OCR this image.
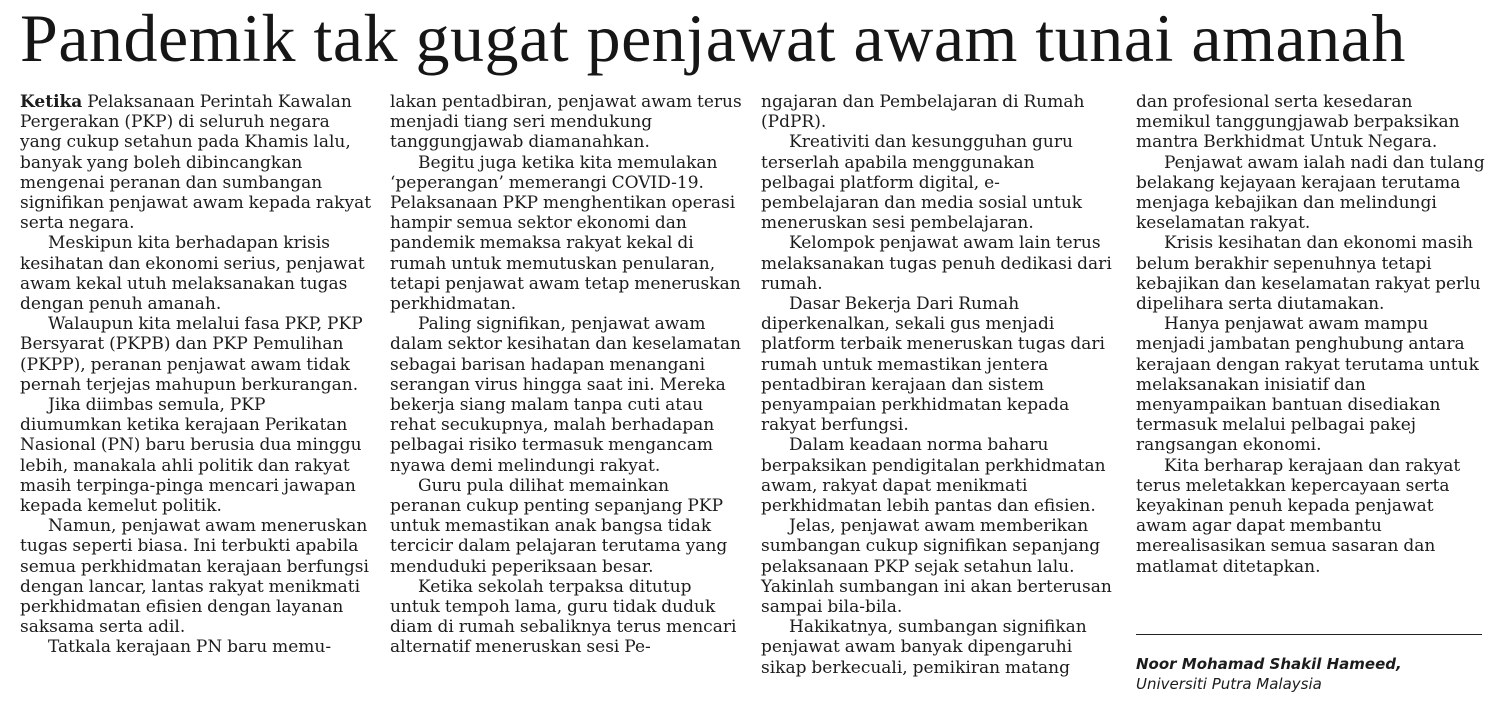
Pandemik tak gugat penjawat awam tunai amanah

Ketika Pelaksanaan Perintah Kawalan Pergerakan (PKP) di seluruh negara yang cukup setahun pada Khamis lalu, banyak yang boleh dibincangkan mengenai peranan dan sumbangan signifikan penjawat awam kepada rakyat serta negara.

Meskipun kita berhadapan krisis kesihatan dan ekonomi serius, penjawat awam kekal utuh melaksanakan tugas dengan penuh amanah.

Walaupun kita melalui fasa PKP, PKP Bersyarat (PKPB) dan PKP Pemulihan (PKPP), peranan penjawat awam tidak pernah terjejas mahupun berkurangan.

Jika diimbas semula, PKP diumumkan ketika kerajaan Perikatan Nasional (PN) baru berusia dua minggu lebih, manakala ahli politik dan rakyat masih terpinga-pinga mencari jawapan kepada kemelut politik.

Namun, penjawat awam meneruskan tugas seperti biasa. Ini terbukti apabila semua perkhidmatan kerajaan berfungsi dengan lancar, lantas rakyat menikmati perkhidmatan efisien dengan layanan saksama serta adil.

Tatkala kerajaan PN baru memu-

lakan pentadbiran, penjawat awam terus menjadi tiang seri mendukung tanggungjawab diamanahkan.

Begitu juga ketika kita memulakan ‘peperangan’ memerangi COVID-19. Pelaksanaan PKP menghentikan operasi hampir semua sektor ekonomi dan pandemik memaksa rakyat kekal di rumah untuk memutuskan penularan, tetapi penjawat awam tetap meneruskan perkhidmatan.

Paling signifikan, penjawat awam dalam sektor kesihatan dan keselamatan sebagai barisan hadapan menangani serangan virus hingga saat ini. Mereka bekerja siang malam tanpa cuti atau rehat secukupnya, malah berhadapan pelbagai risiko termasuk mengancam nyawa demi melindungi rakyat.

Guru pula dilihat memainkan peranan cukup penting sepanjang PKP untuk memastikan anak bangsa tidak tercicir dalam pelajaran terutama yang menduduki peperiksaan besar.

Ketika sekolah terpaksa ditutup untuk tempoh lama, guru tidak duduk diam di rumah sebaliknya terus mencari alternatif meneruskan sesi Pe-

ngajaran dan Pembelajaran di Rumah (PdPR).

Kreativiti dan kesungguhan guru terserlah apabila menggunakan pelbagai platform digital, e-pembelajaran dan media sosial untuk meneruskan sesi pembelajaran.

Kelompok penjawat awam lain terus melaksanakan tugas penuh dedikasi dari rumah.

Dasar Bekerja Dari Rumah diperkenalkan, sekali gus menjadi platform terbaik meneruskan tugas dari rumah untuk memastikan jentera pentadbiran kerajaan dan sistem penyampaian perkhidmatan kepada rakyat berfungsi.

Dalam keadaan norma baharu berpaksikan pendigitalan perkhidmatan awam, rakyat dapat menikmati perkhidmatan lebih pantas dan efisien.

Jelas, penjawat awam memberikan sumbangan cukup signifikan sepanjang pelaksanaan PKP sejak setahun lalu. Yakinlah sumbangan ini akan berterusan sampai bila-bila.

Hakikatnya, sumbangan signifikan penjawat awam banyak dipengaruhi sikap berkecuali, pemikiran matang

dan profesional serta kesedaran memikul tanggungjawab berpaksikan mantra Berkhidmat Untuk Negara.

Penjawat awam ialah nadi dan tulang belakang kejayaan kerajaan terutama menjaga kebajikan dan melindungi keselamatan rakyat.

Krisis kesihatan dan ekonomi masih belum berakhir sepenuhnya tetapi kebajikan dan keselamatan rakyat perlu dipelihara serta diutamakan.

Hanya penjawat awam mampu menjadi jambatan penghubung antara kerajaan dengan rakyat terutama untuk melaksanakan inisiatif dan menyampaikan bantuan disediakan termasuk melalui pelbagai pakej rangsangan ekonomi.

Kita berharap kerajaan dan rakyat terus meletakkan kepercayaan serta keyakinan penuh kepada penjawat awam agar dapat membantu merealisasikan semua sasaran dan matlamat ditetapkan.

Noor Mohamad Shakil Hameed,
Universiti Putra Malaysia
